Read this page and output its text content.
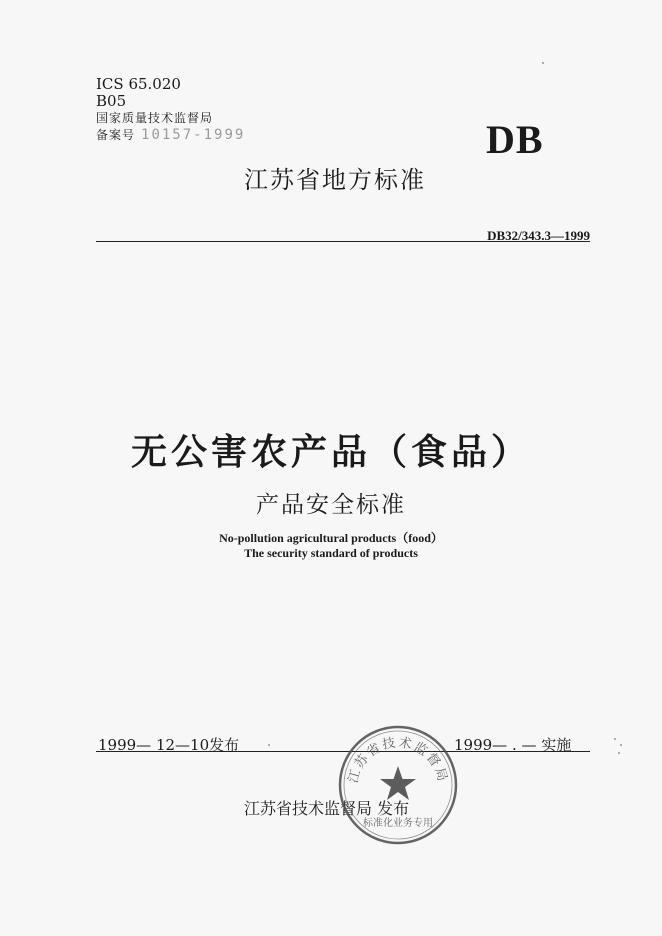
ICS 65.020
B05
国家质量技术监督局
备案号 10157-1999	DB
江苏省地方标准
DB32/343.3—1999
无公害农产品（食品）
产品安全标准
No-pollution agricultural products（food）
The security standard of products
1999— 12—10发布	1999— . — 实施
江苏省技术监督局 发布
江苏省技术监督局
标准化业务专用
